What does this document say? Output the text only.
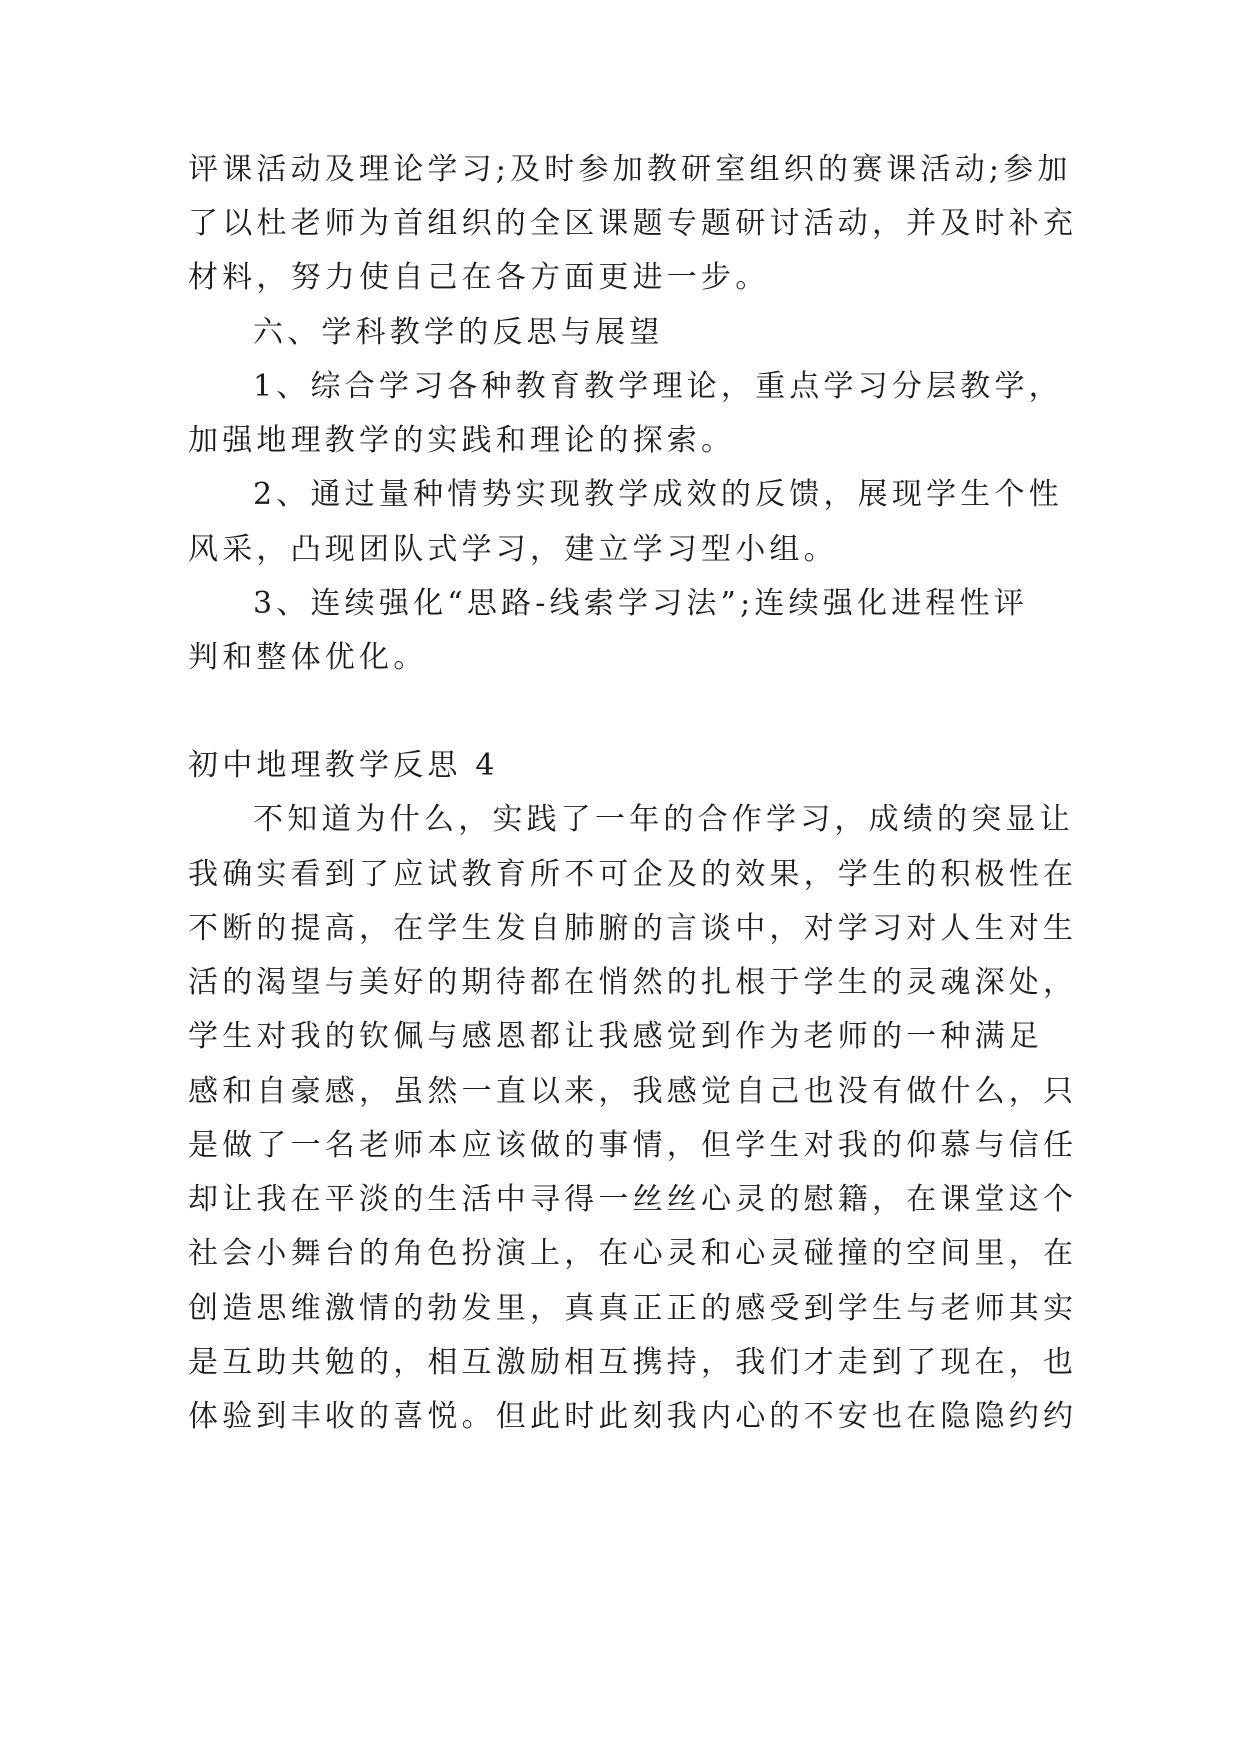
评课活动及理论学习;及时参加教研室组织的赛课活动;参加
了以杜老师为首组织的全区课题专题研讨活动，并及时补充
材料，努力使自己在各方面更进一步。
六、学科教学的反思与展望
1、综合学习各种教育教学理论，重点学习分层教学，
加强地理教学的实践和理论的探索。
2、通过量种情势实现教学成效的反馈，展现学生个性
风采，凸现团队式学习，建立学习型小组。
3、连续强化“思路-线索学习法”;连续强化进程性评
判和整体优化。
初中地理教学反思 4
不知道为什么，实践了一年的合作学习，成绩的突显让
我确实看到了应试教育所不可企及的效果，学生的积极性在
不断的提高，在学生发自肺腑的言谈中，对学习对人生对生
活的渴望与美好的期待都在悄然的扎根于学生的灵魂深处，
学生对我的钦佩与感恩都让我感觉到作为老师的一种满足
感和自豪感，虽然一直以来，我感觉自己也没有做什么，只
是做了一名老师本应该做的事情，但学生对我的仰慕与信任
却让我在平淡的生活中寻得一丝丝心灵的慰籍，在课堂这个
社会小舞台的角色扮演上，在心灵和心灵碰撞的空间里，在
创造思维激情的勃发里，真真正正的感受到学生与老师其实
是互助共勉的，相互激励相互携持，我们才走到了现在，也
体验到丰收的喜悦。但此时此刻我内心的不安也在隐隐约约
